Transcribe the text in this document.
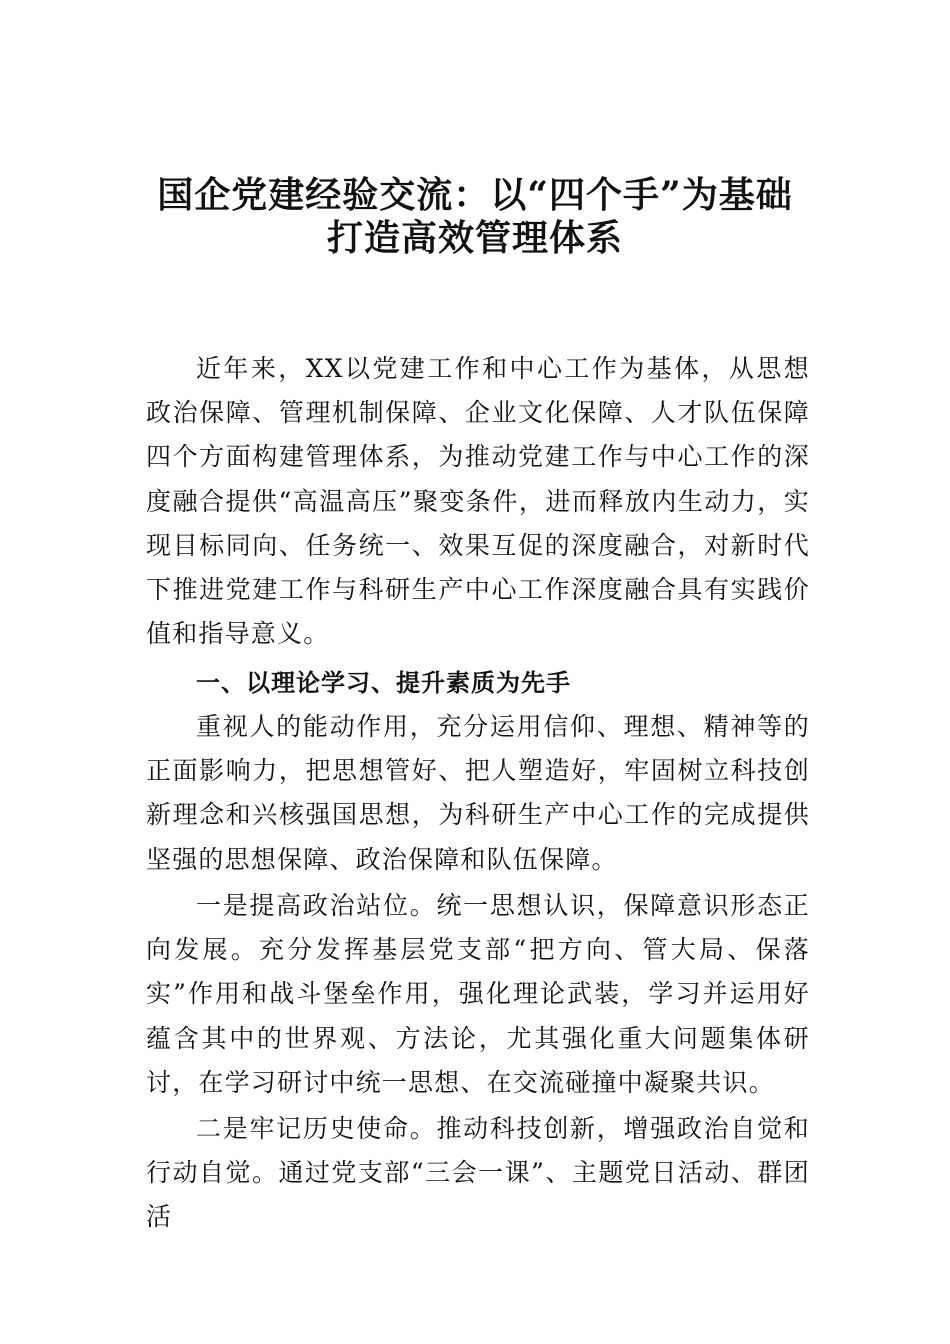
国企党建经验交流：以“四个手”为基础
打造高效管理体系

近年来，XX以党建工作和中心工作为基体，从思想政治保障、管理机制保障、企业文化保障、人才队伍保障四个方面构建管理体系，为推动党建工作与中心工作的深度融合提供“高温高压”聚变条件，进而释放内生动力，实现目标同向、任务统一、效果互促的深度融合，对新时代下推进党建工作与科研生产中心工作深度融合具有实践价值和指导意义。

一、以理论学习、提升素质为先手

重视人的能动作用，充分运用信仰、理想、精神等的正面影响力，把思想管好、把人塑造好，牢固树立科技创新理念和兴核强国思想，为科研生产中心工作的完成提供坚强的思想保障、政治保障和队伍保障。

一是提高政治站位。统一思想认识，保障意识形态正向发展。充分发挥基层党支部“把方向、管大局、保落实”作用和战斗堡垒作用，强化理论武装，学习并运用好蕴含其中的世界观、方法论，尤其强化重大问题集体研讨，在学习研讨中统一思想、在交流碰撞中凝聚共识。

二是牢记历史使命。推动科技创新，增强政治自觉和行动自觉。通过党支部“三会一课”、主题党日活动、群团活
